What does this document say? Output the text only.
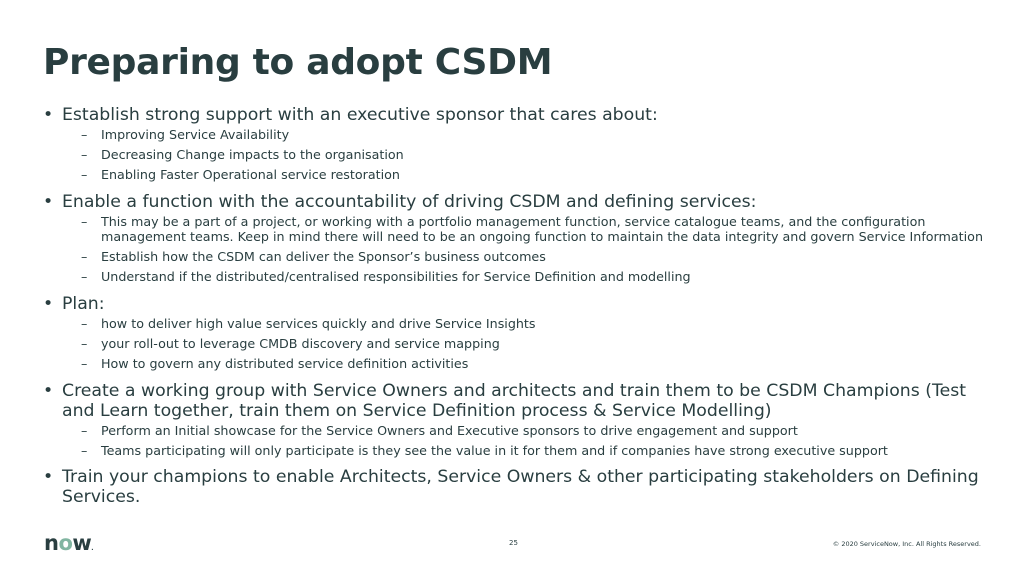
Preparing to adopt CSDM
• Establish strong support with an executive sponsor that cares about:
– Improving Service Availability
– Decreasing Change impacts to the organisation
– Enabling Faster Operational service restoration
• Enable a function with the accountability of driving CSDM and defining services:
– This may be a part of a project, or working with a portfolio management function, service catalogue teams, and the configuration management teams. Keep in mind there will need to be an ongoing function to maintain the data integrity and govern Service Information
– Establish how the CSDM can deliver the Sponsor’s business outcomes
– Understand if the distributed/centralised responsibilities for Service Definition and modelling
• Plan:
– how to deliver high value services quickly and drive Service Insights
– your roll-out to leverage CMDB discovery and service mapping
– How to govern any distributed service definition activities
• Create a working group with Service Owners and architects and train them to be CSDM Champions (Test and Learn together, train them on Service Definition process & Service Modelling)
– Perform an Initial showcase for the Service Owners and Executive sponsors to drive engagement and support
– Teams participating will only participate is they see the value in it for them and if companies have strong executive support
• Train your champions to enable Architects, Service Owners & other participating stakeholders on Defining Services.
now.
25	© 2020 ServiceNow, Inc. All Rights Reserved.
